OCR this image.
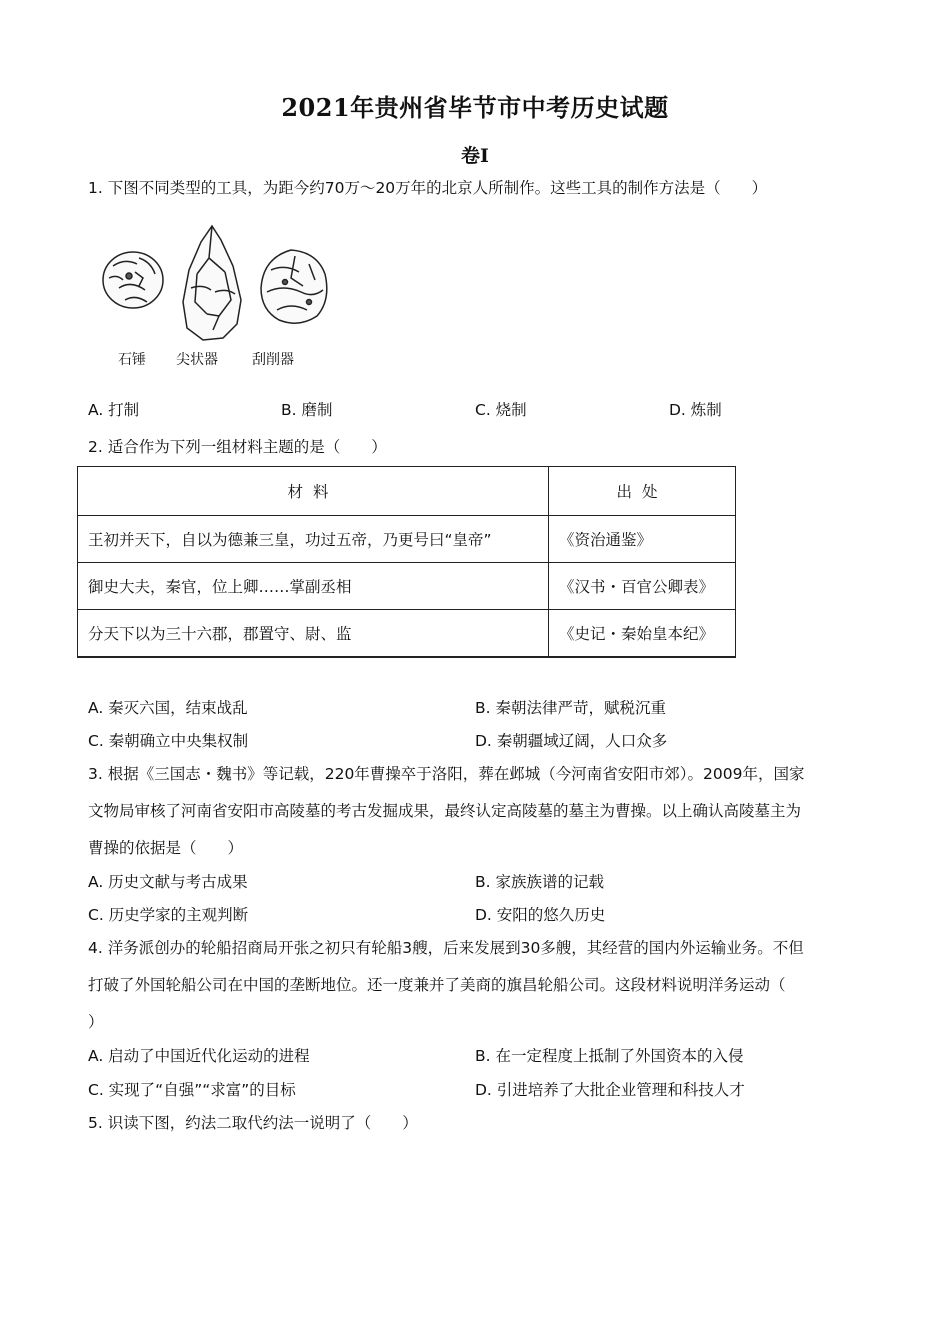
2021年贵州省毕节市中考历史试题
卷Ⅰ
1. 下图不同类型的工具，为距今约70万～20万年的北京人所制作。这些工具的制作方法是（　　）
石锤 尖状器 刮削器
A. 打制	B. 磨制	C. 烧制	D. 炼制
2. 适合作为下列一组材料主题的是（　　）
材料	出处
王初并天下，自以为德兼三皇，功过五帝，乃更号曰“皇帝”	《资治通鉴》
御史大夫，秦官，位上卿……掌副丞相	《汉书・百官公卿表》
分天下以为三十六郡，郡置守、尉、监	《史记・秦始皇本纪》
A. 秦灭六国，结束战乱	B. 秦朝法律严苛，赋税沉重
C. 秦朝确立中央集权制	D. 秦朝疆域辽阔，人口众多
3. 根据《三国志・魏书》等记载，220年曹操卒于洛阳，葬在邺城（今河南省安阳市郊）。2009年，国家
文物局审核了河南省安阳市高陵墓的考古发掘成果，最终认定高陵墓的墓主为曹操。以上确认高陵墓主为
曹操的依据是（　　）
A. 历史文献与考古成果	B. 家族族谱的记载
C. 历史学家的主观判断	D. 安阳的悠久历史
4. 洋务派创办的轮船招商局开张之初只有轮船3艘，后来发展到30多艘，其经营的国内外运输业务。不但
打破了外国轮船公司在中国的垄断地位。还一度兼并了美商的旗昌轮船公司。这段材料说明洋务运动（
）
A. 启动了中国近代化运动的进程	B. 在一定程度上抵制了外国资本的入侵
C. 实现了“自强”“求富”的目标	D. 引进培养了大批企业管理和科技人才
5. 识读下图，约法二取代约法一说明了（　　）
